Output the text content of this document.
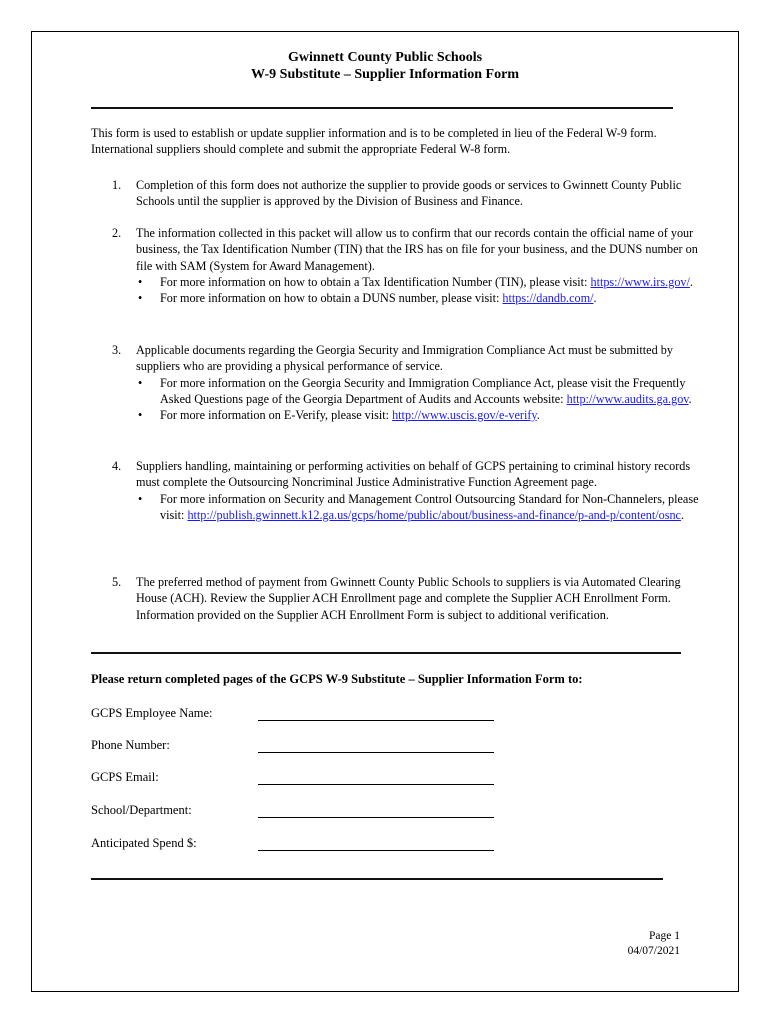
Gwinnett County Public Schools
W-9 Substitute – Supplier Information Form
This form is used to establish or update supplier information and is to be completed in lieu of the Federal W-9 form. International suppliers should complete and submit the appropriate Federal W-8 form.
1. Completion of this form does not authorize the supplier to provide goods or services to Gwinnett County Public Schools until the supplier is approved by the Division of Business and Finance.
2. The information collected in this packet will allow us to confirm that our records contain the official name of your business, the Tax Identification Number (TIN) that the IRS has on file for your business, and the DUNS number on file with SAM (System for Award Management).
• For more information on how to obtain a Tax Identification Number (TIN), please visit: https://www.irs.gov/.
• For more information on how to obtain a DUNS number, please visit: https://dandb.com/.
3. Applicable documents regarding the Georgia Security and Immigration Compliance Act must be submitted by suppliers who are providing a physical performance of service.
• For more information on the Georgia Security and Immigration Compliance Act, please visit the Frequently Asked Questions page of the Georgia Department of Audits and Accounts website: http://www.audits.ga.gov.
• For more information on E-Verify, please visit: http://www.uscis.gov/e-verify.
4. Suppliers handling, maintaining or performing activities on behalf of GCPS pertaining to criminal history records must complete the Outsourcing Noncriminal Justice Administrative Function Agreement page.
• For more information on Security and Management Control Outsourcing Standard for Non-Channelers, please visit: http://publish.gwinnett.k12.ga.us/gcps/home/public/about/business-and-finance/p-and-p/content/osnc.
5. The preferred method of payment from Gwinnett County Public Schools to suppliers is via Automated Clearing House (ACH). Review the Supplier ACH Enrollment page and complete the Supplier ACH Enrollment Form. Information provided on the Supplier ACH Enrollment Form is subject to additional verification.
Please return completed pages of the GCPS W-9 Substitute – Supplier Information Form to:
GCPS Employee Name:
Phone Number:
GCPS Email:
School/Department:
Anticipated Spend $:
Page 1
04/07/2021
